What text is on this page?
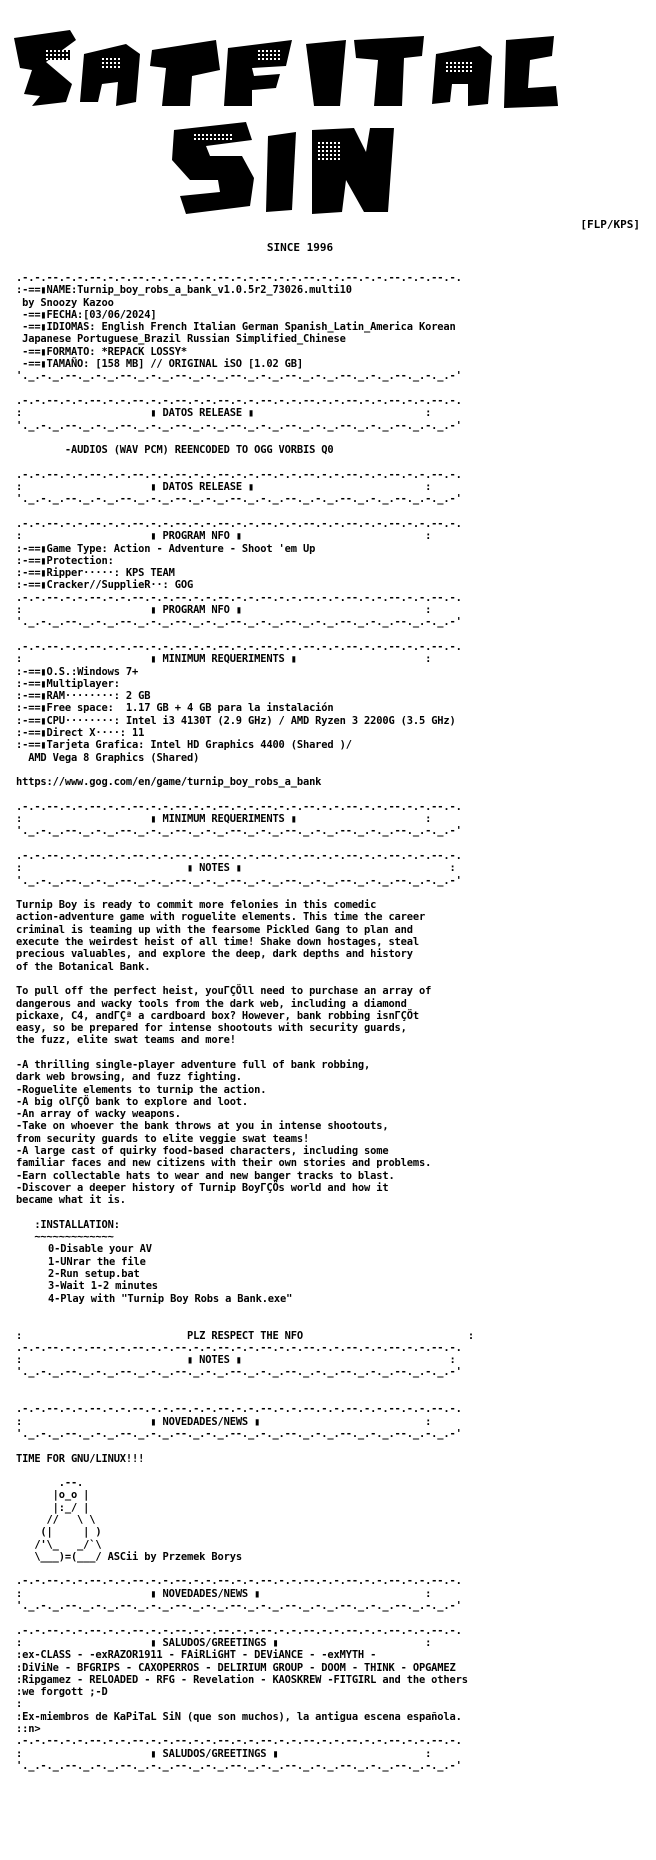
[FLP/KPS]
SINCE 1996
.-.-.--.-.-.--.-.-.--.-.-.--.-.-.--.-.-.--.-.-.--.-.-.--.-.-.--.-.-.--.-.
:-==▮NAME:Turnip_boy_robs_a_bank_v1.0.5r2_73026.multi10
by Snoozy Kazoo
-==▮FECHA:[03/06/2024]
-==▮IDIOMAS: English French Italian German Spanish_Latin_America Korean
Japanese Portuguese_Brazil Russian Simplified_Chinese
-==▮FORMATO: *REPACK LOSSY*
-==▮TAMAÑO: [158 MB] // ORIGINAL iSO [1.02 GB]
'._.-._.--._.-._.--._.-._.--._.-._.--._.-._.--._.-._.--._.-._.--._.-._.-'

.-.-.--.-.-.--.-.-.--.-.-.--.-.-.--.-.-.--.-.-.--.-.-.--.-.-.--.-.-.--.-.
:                     ▮ DATOS RELEASE ▮                            :
'._.-._.--._.-._.--._.-._.--._.-._.--._.-._.--._.-._.--._.-._.--._.-._.-'

-AUDIOS (WAV PCM) REENCODED TO OGG VORBIS Q0

.-.-.--.-.-.--.-.-.--.-.-.--.-.-.--.-.-.--.-.-.--.-.-.--.-.-.--.-.-.--.-.
:                     ▮ DATOS RELEASE ▮                            :
'._.-._.--._.-._.--._.-._.--._.-._.--._.-._.--._.-._.--._.-._.--._.-._.-'

.-.-.--.-.-.--.-.-.--.-.-.--.-.-.--.-.-.--.-.-.--.-.-.--.-.-.--.-.-.--.-.
:                     ▮ PROGRAM NFO ▮                              :
:-==▮Game Type: Action - Adventure - Shoot 'em Up
:-==▮Protection:
:-==▮Ripper·····: KPS TEAM
:-==▮Cracker//SupplieR··: GOG
.-.-.--.-.-.--.-.-.--.-.-.--.-.-.--.-.-.--.-.-.--.-.-.--.-.-.--.-.-.--.-.
:                     ▮ PROGRAM NFO ▮                              :
'._.-._.--._.-._.--._.-._.--._.-._.--._.-._.--._.-._.--._.-._.--._.-._.-'

.-.-.--.-.-.--.-.-.--.-.-.--.-.-.--.-.-.--.-.-.--.-.-.--.-.-.--.-.-.--.-.
:                     ▮ MINIMUM REQUERIMENTS ▮                     :
:-==▮O.S.:Windows 7+
:-==▮Multiplayer:
:-==▮RAM········: 2 GB
:-==▮Free space:  1.17 GB + 4 GB para la instalación
:-==▮CPU········: Intel i3 4130T (2.9 GHz) / AMD Ryzen 3 2200G (3.5 GHz)
:-==▮Direct X····: 11
:-==▮Tarjeta Grafica: Intel HD Graphics 4400 (Shared )/
AMD Vega 8 Graphics (Shared)

https://www.gog.com/en/game/turnip_boy_robs_a_bank

.-.-.--.-.-.--.-.-.--.-.-.--.-.-.--.-.-.--.-.-.--.-.-.--.-.-.--.-.-.--.-.
:                     ▮ MINIMUM REQUERIMENTS ▮                     :
'._.-._.--._.-._.--._.-._.--._.-._.--._.-._.--._.-._.--._.-._.--._.-._.-'

.-.-.--.-.-.--.-.-.--.-.-.--.-.-.--.-.-.--.-.-.--.-.-.--.-.-.--.-.-.--.-.
:                           ▮ NOTES ▮                                  :
'._.-._.--._.-._.--._.-._.--._.-._.--._.-._.--._.-._.--._.-._.--._.-._.-'

Turnip Boy is ready to commit more felonies in this comedic
action-adventure game with roguelite elements. This time the career
criminal is teaming up with the fearsome Pickled Gang to plan and
execute the weirdest heist of all time! Shake down hostages, steal
precious valuables, and explore the deep, dark depths and history
of the Botanical Bank.

To pull off the perfect heist, youΓÇÖll need to purchase an array of
dangerous and wacky tools from the dark web, including a diamond
pickaxe, C4, andΓÇª a cardboard box? However, bank robbing isnΓÇÖt
easy, so be prepared for intense shootouts with security guards,
the fuzz, elite swat teams and more!

-A thrilling single-player adventure full of bank robbing,
dark web browsing, and fuzz fighting.
-Roguelite elements to turnip the action.
-A big olΓÇÖ bank to explore and loot.
-An array of wacky weapons.
-Take on whoever the bank throws at you in intense shootouts,
from security guards to elite veggie swat teams!
-A large cast of quirky food-based characters, including some
familiar faces and new citizens with their own stories and problems.
-Earn collectable hats to wear and new banger tracks to blast.
-Discover a deeper history of Turnip BoyΓÇÖs world and how it
became what it is.

:INSTALLATION:
~~~~~~~~~~~~~
0-Disable your AV
1-UNrar the file
2-Run setup.bat
3-Wait 1-2 minutes
4-Play with "Turnip Boy Robs a Bank.exe"

:	PLZ RESPECT THE NFO	:
.-.-.--.-.-.--.-.-.--.-.-.--.-.-.--.-.-.--.-.-.--.-.-.--.-.-.--.-.-.--.-.
:                           ▮ NOTES ▮                                  :
'._.-._.--._.-._.--._.-._.--._.-._.--._.-._.--._.-._.--._.-._.--._.-._.-'

.-.-.--.-.-.--.-.-.--.-.-.--.-.-.--.-.-.--.-.-.--.-.-.--.-.-.--.-.-.--.-.
:                     ▮ NOVEDADES/NEWS ▮                           :
'._.-._.--._.-._.--._.-._.--._.-._.--._.-._.--._.-._.--._.-._.--._.-._.-'

TIME FOR GNU/LINUX!!!

.--.
|o_o |
|:_/ |
//   \ \
(|     | )
/'\_   _/`\
\___)=(___/ ASCii by Przemek Borys

.-.-.--.-.-.--.-.-.--.-.-.--.-.-.--.-.-.--.-.-.--.-.-.--.-.-.--.-.-.--.-.
:                     ▮ NOVEDADES/NEWS ▮                           :
'._.-._.--._.-._.--._.-._.--._.-._.--._.-._.--._.-._.--._.-._.--._.-._.-'

.-.-.--.-.-.--.-.-.--.-.-.--.-.-.--.-.-.--.-.-.--.-.-.--.-.-.--.-.-.--.-.
:                     ▮ SALUDOS/GREETINGS ▮                        :
:ex-CLASS - -exRAZOR1911 - FAiRLiGHT - DEViANCE - -exMYTH -
:DiViNe - BFGRIPS - CAXOPERROS - DELIRIUM GROUP - DOOM - THINK - OPGAMEZ
:Ripgamez - RELOADED - RFG - Revelation - KAOSKREW -FITGIRL and the others
:we forgott ;-D
:
:Ex-miembros de KaPiTaL SiN (que son muchos), la antigua escena española.
::n>
.-.-.--.-.-.--.-.-.--.-.-.--.-.-.--.-.-.--.-.-.--.-.-.--.-.-.--.-.-.--.-.
:                     ▮ SALUDOS/GREETINGS ▮                        :
'._.-._.--._.-._.--._.-._.--._.-._.--._.-._.--._.-._.--._.-._.--._.-._.-'
